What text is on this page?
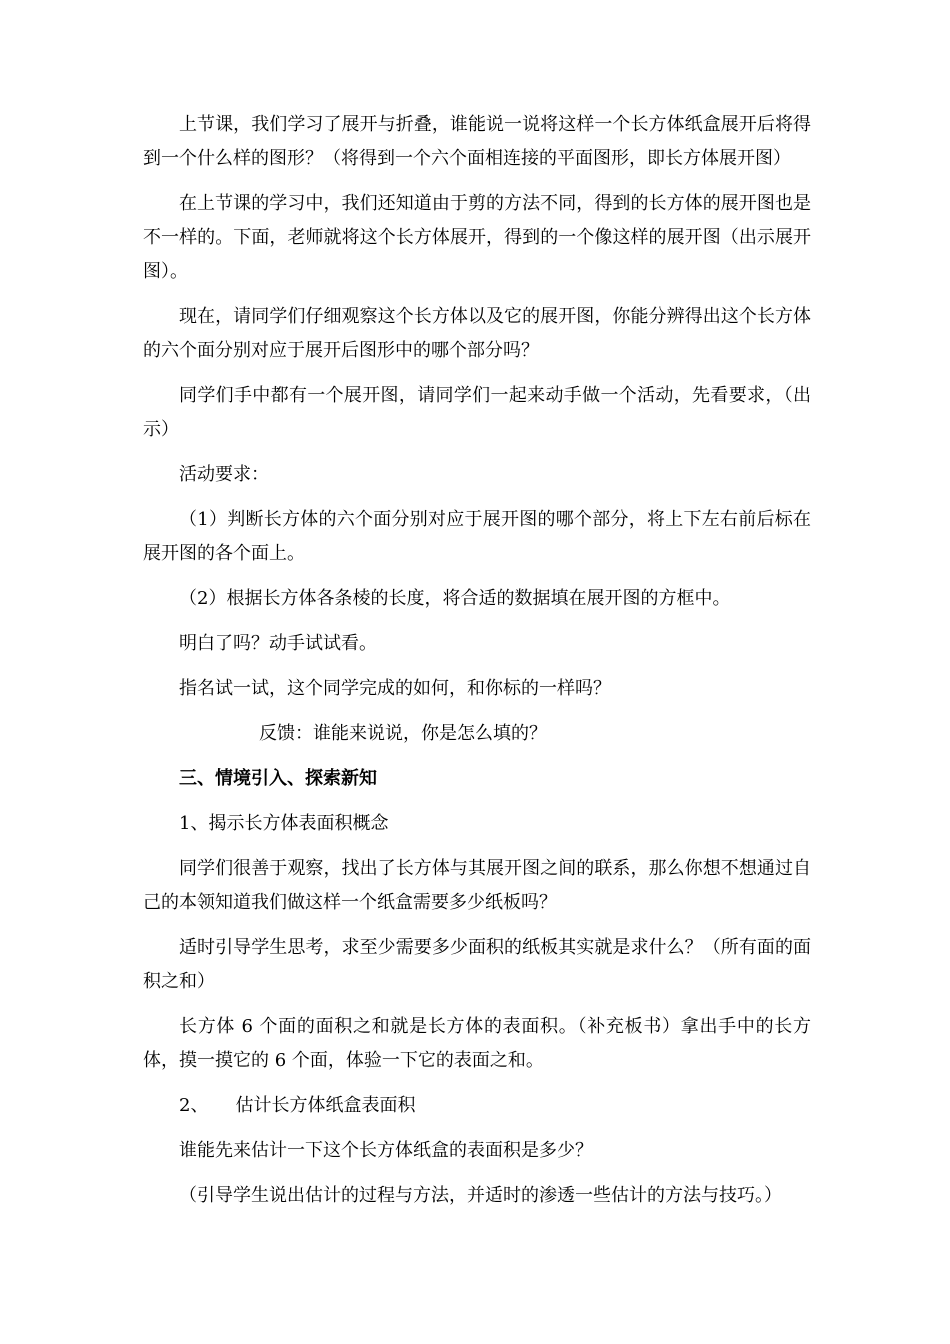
上节课，我们学习了展开与折叠，谁能说一说将这样一个长方体纸盒展开后将得到一个什么样的图形？（将得到一个六个面相连接的平面图形，即长方体展开图）

在上节课的学习中，我们还知道由于剪的方法不同，得到的长方体的展开图也是不一样的。下面，老师就将这个长方体展开，得到的一个像这样的展开图（出示展开图）。

现在，请同学们仔细观察这个长方体以及它的展开图，你能分辨得出这个长方体的六个面分别对应于展开后图形中的哪个部分吗？

同学们手中都有一个展开图，请同学们一起来动手做一个活动，先看要求，（出示）

活动要求：

（1）判断长方体的六个面分别对应于展开图的哪个部分，将上下左右前后标在展开图的各个面上。

（2）根据长方体各条棱的长度，将合适的数据填在展开图的方框中。

明白了吗？动手试试看。

指名试一试，这个同学完成的如何，和你标的一样吗？

反馈：谁能来说说，你是怎么填的？

三、情境引入、探索新知

1、揭示长方体表面积概念

同学们很善于观察，找出了长方体与其展开图之间的联系，那么你想不想通过自己的本领知道我们做这样一个纸盒需要多少纸板吗？

适时引导学生思考，求至少需要多少面积的纸板其实就是求什么？（所有面的面积之和）

长方体 6 个面的面积之和就是长方体的表面积。（补充板书）拿出手中的长方体，摸一摸它的 6 个面，体验一下它的表面之和。

2、　　估计长方体纸盒表面积

谁能先来估计一下这个长方体纸盒的表面积是多少？

（引导学生说出估计的过程与方法，并适时的渗透一些估计的方法与技巧。）
